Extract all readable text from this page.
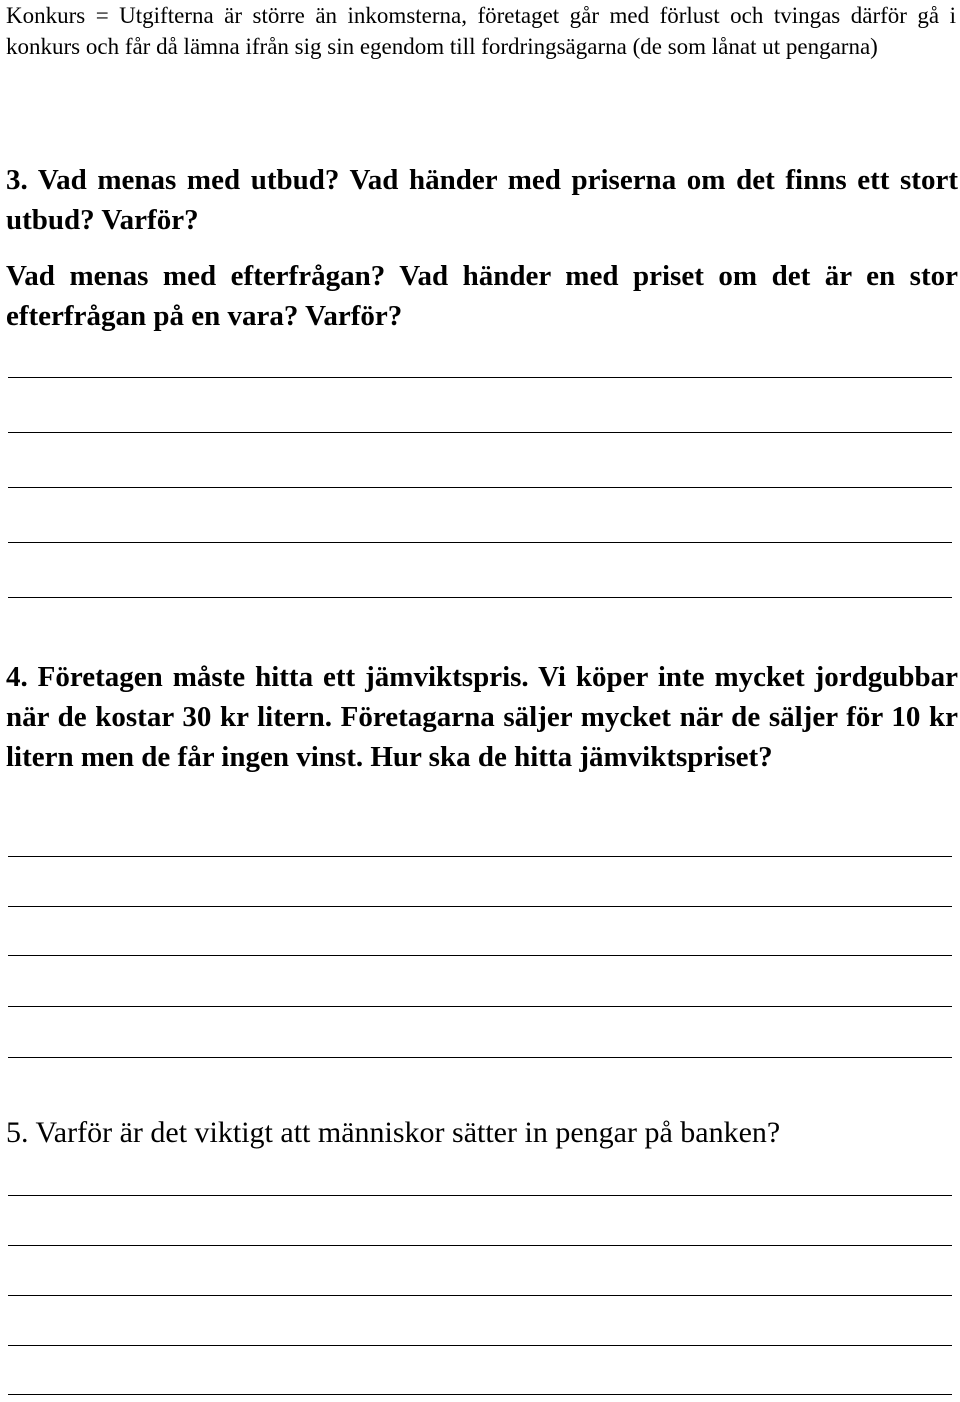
Konkurs = Utgifterna är större än inkomsterna, företaget går med förlust och tvingas därför gå i konkurs och får då lämna ifrån sig sin egendom till fordringsägarna (de som lånat ut pengarna)

3. Vad menas med utbud? Vad händer med priserna om det finns ett stort utbud? Varför?

Vad menas med efterfrågan? Vad händer med priset om det är en stor efterfrågan på en vara? Varför?

4. Företagen måste hitta ett jämviktspris. Vi köper inte mycket jordgubbar när de kostar 30 kr litern. Företagarna säljer mycket när de säljer för 10 kr litern men de får ingen vinst. Hur ska de hitta jämviktspriset?

5. Varför är det viktigt att människor sätter in pengar på banken?
